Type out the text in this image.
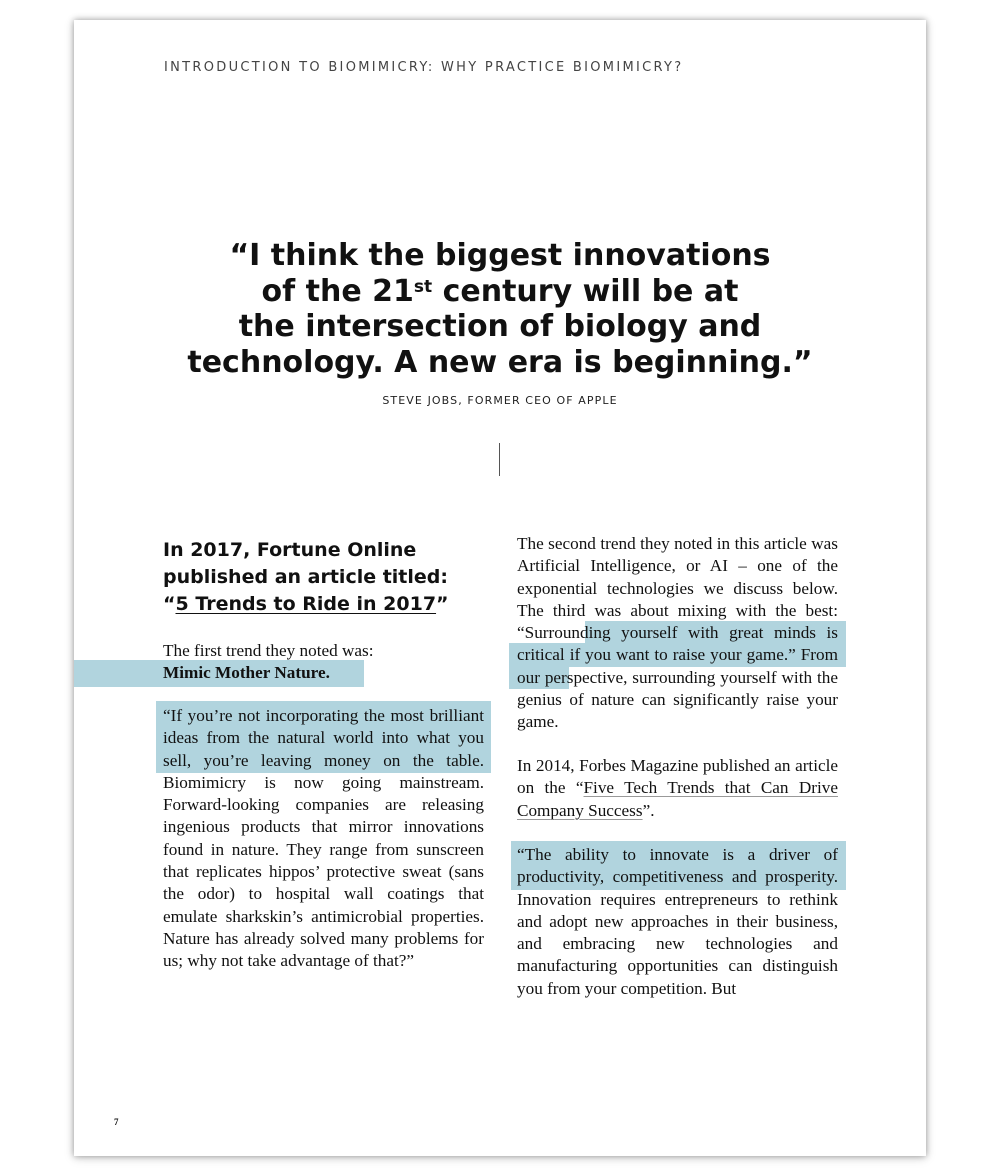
INTRODUCTION TO BIOMIMICRY: WHY PRACTICE BIOMIMICRY?
“I think the biggest innovations
of the 21st century will be at
the intersection of biology and
technology. A new era is beginning.”
STEVE JOBS, FORMER CEO OF APPLE
In 2017, Fortune Online
published an article titled:
“5 Trends to Ride in 2017”
The first trend they noted was:
Mimic Mother Nature.
“If you’re not incorporating the most brilliant ideas from the natural world into what you sell, you’re leaving money on the table. Biomimicry is now going mainstream. Forward-looking companies are releasing ingenious products that mirror innovations found in nature. They range from sunscreen that replicates hippos’ protective sweat (sans the odor) to hospital wall coatings that emulate sharkskin’s antimicrobial properties. Nature has already solved many problems for us; why not take advantage of that?”
The second trend they noted in this article was Artificial Intelligence, or AI – one of the exponential technologies we discuss below. The third was about mixing with the best: “Surrounding yourself with great minds is critical if you want to raise your game.” From our perspective, surrounding yourself with the genius of nature can significantly raise your game.
In 2014, Forbes Magazine published an article on the “Five Tech Trends that Can Drive Company Success”.
“The ability to innovate is a driver of productivity, competitiveness and prosperity. Innovation requires entrepreneurs to rethink and adopt new approaches in their business, and embracing new technologies and manufacturing opportunities can distinguish you from your competition. But
7
